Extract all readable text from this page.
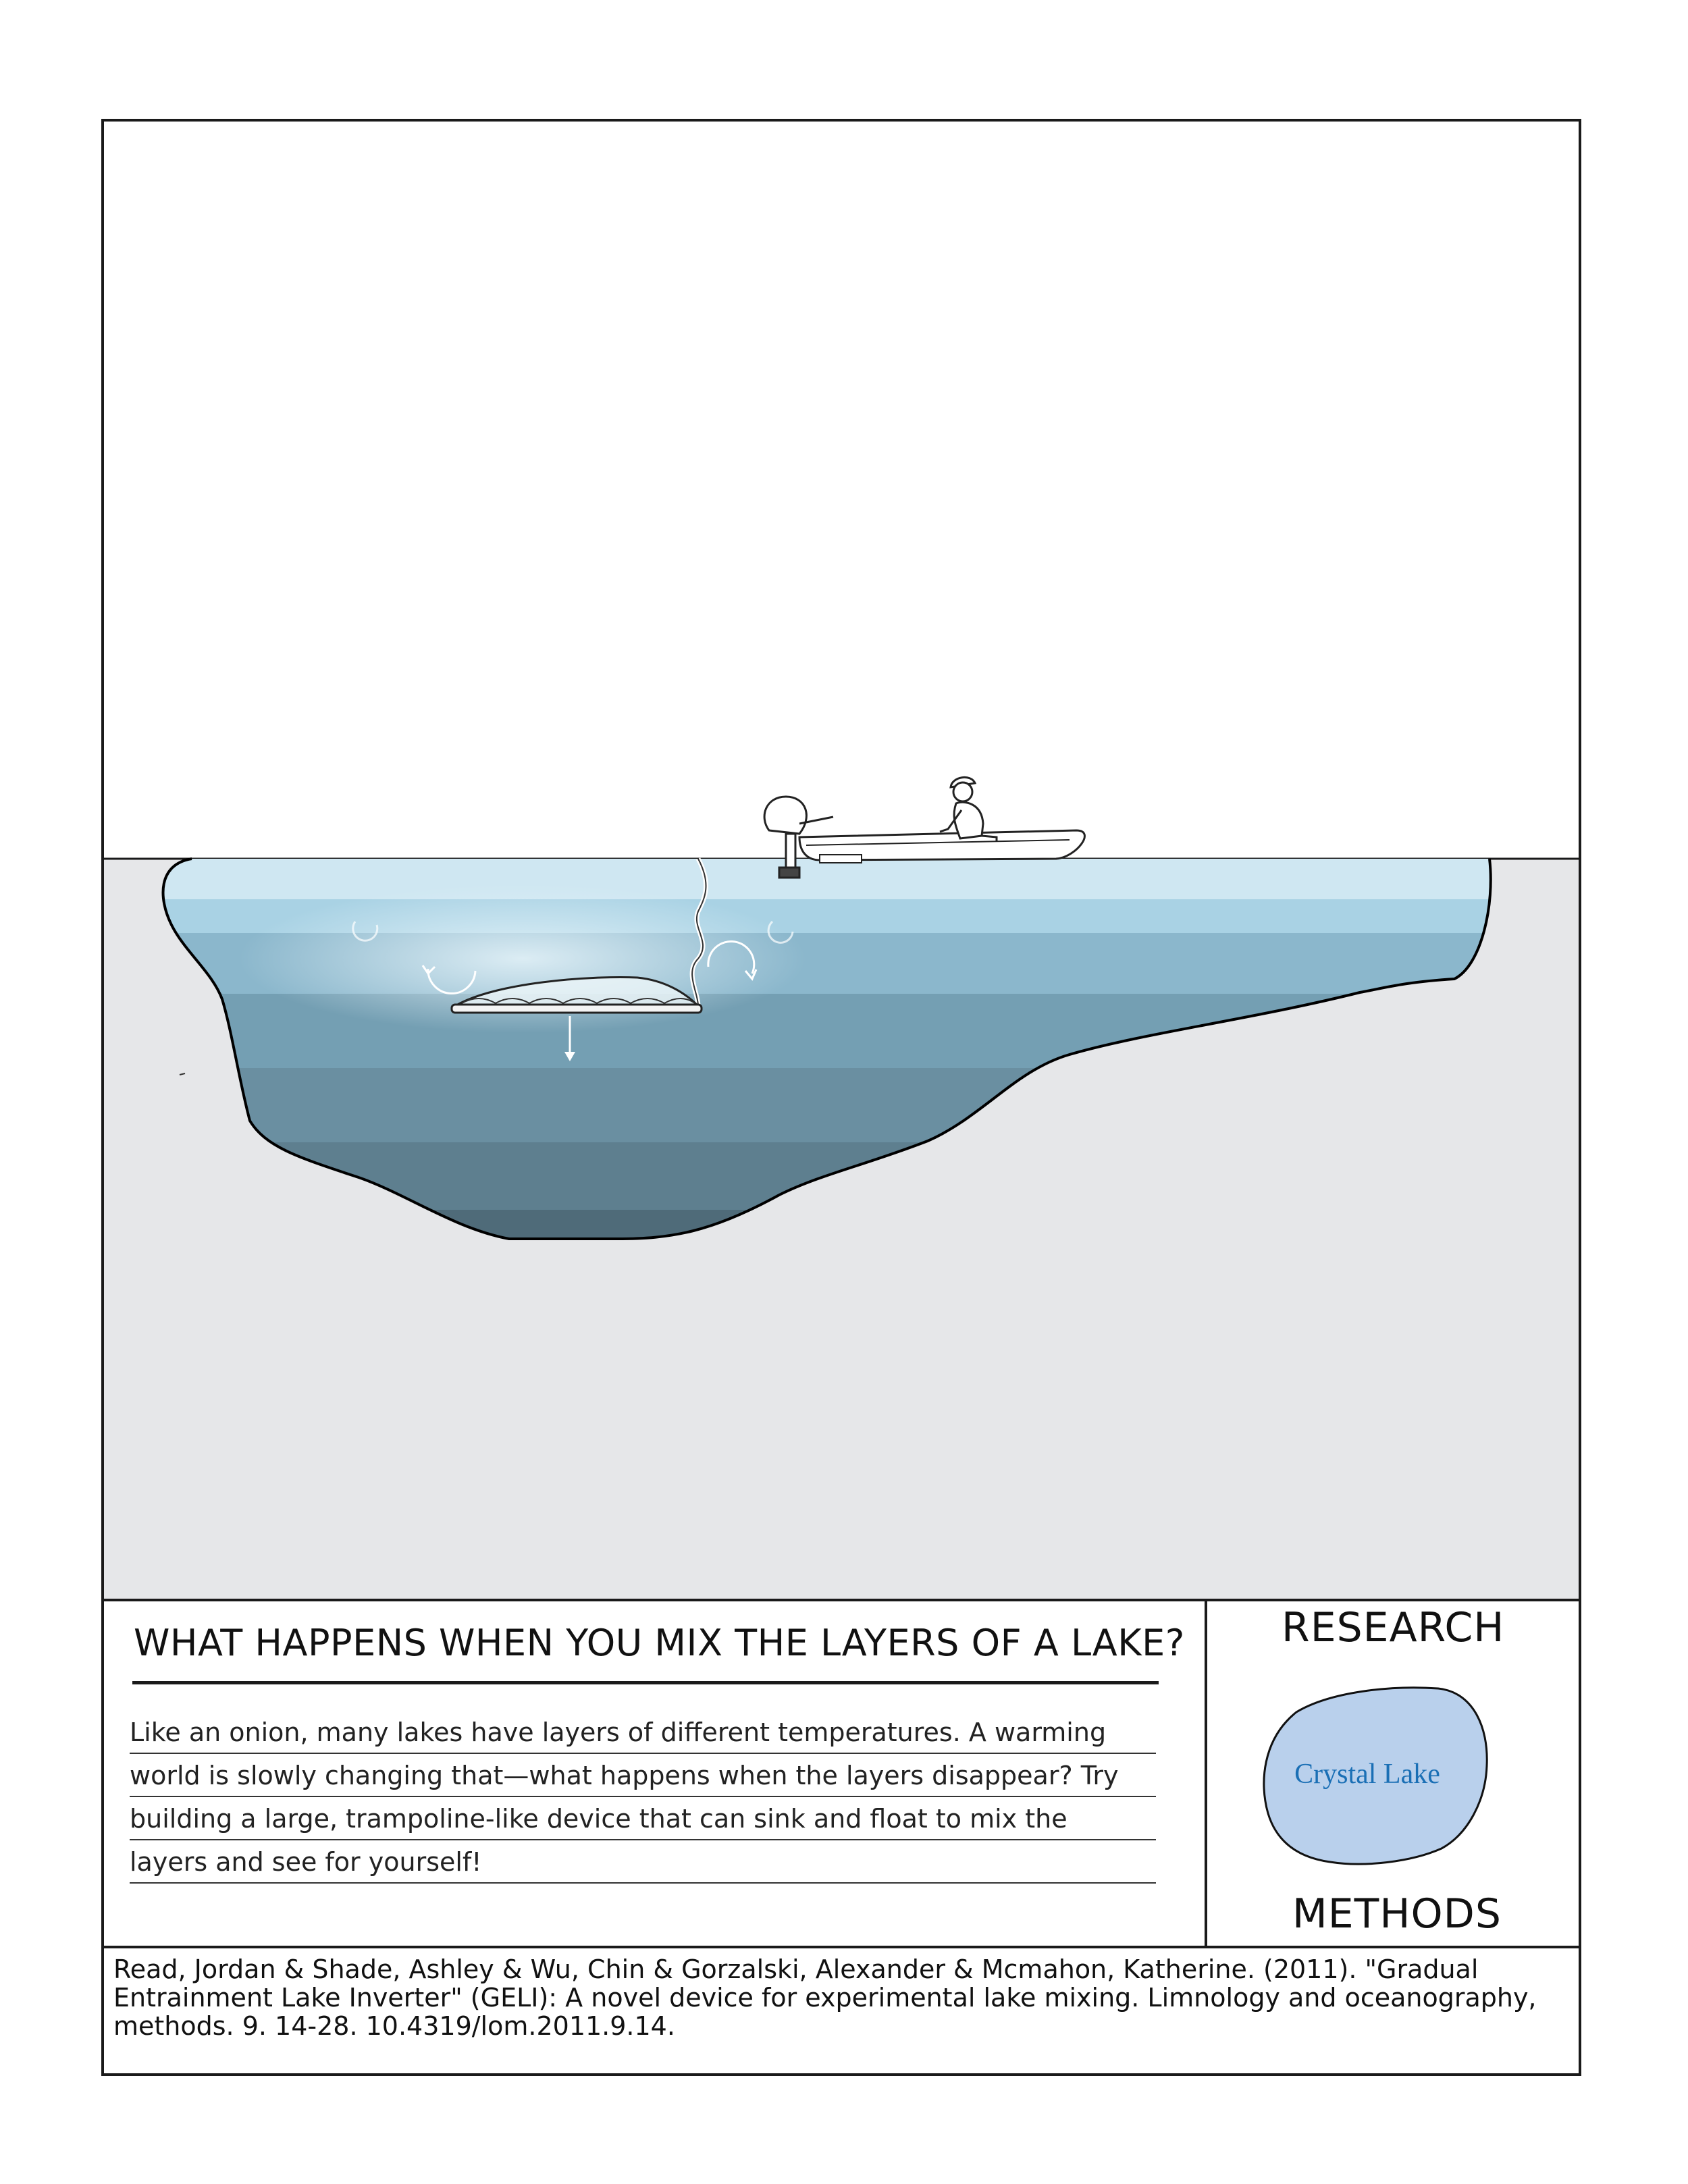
WHAT HAPPENS WHEN YOU MIX THE LAYERS OF A LAKE?
Like an onion, many lakes have layers of different temperatures. A warming
world is slowly changing that—what happens when the layers disappear? Try
building a large, trampoline-like device that can sink and float to mix the
layers and see for yourself!
RESEARCH
Crystal Lake
METHODS
Read, Jordan & Shade, Ashley & Wu, Chin & Gorzalski, Alexander & Mcmahon, Katherine. (2011). "Gradual Entrainment Lake Inverter" (GELI): A novel device for experimental lake mixing. Limnology and oceanography, methods. 9. 14-28. 10.4319/lom.2011.9.14.
